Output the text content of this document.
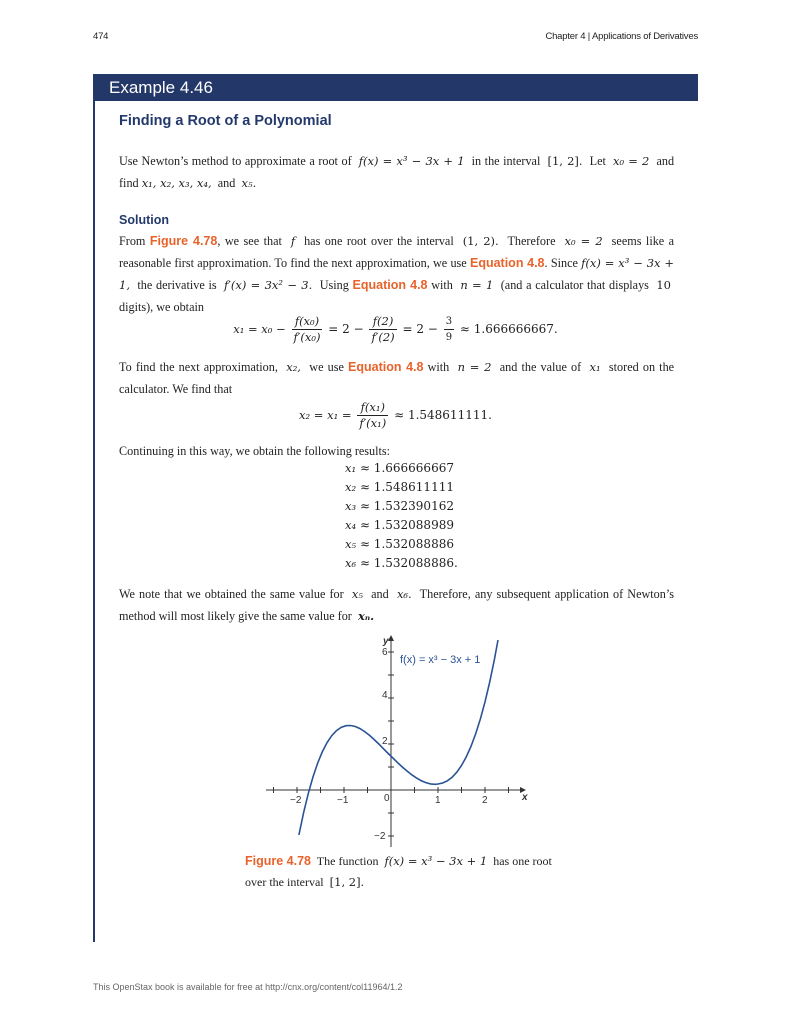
474	Chapter 4 | Applications of Derivatives
Example 4.46
Finding a Root of a Polynomial
Use Newton’s method to approximate a root of f(x) = x³ − 3x + 1 in the interval [1, 2]. Let x₀ = 2 and find x₁, x₂, x₃, x₄, and x₅.
Solution
From Figure 4.78, we see that f has one root over the interval (1, 2). Therefore x₀ = 2 seems like a reasonable first approximation. To find the next approximation, we use Equation 4.8. Since f(x) = x³ − 3x + 1, the derivative is f′(x) = 3x² − 3. Using Equation 4.8 with n = 1 (and a calculator that displays 10  digits), we obtain
$x_1 = x_0 - \frac{\text{f(x₀)}}{\text{f′(x₀)}} = 2 - \frac{f(2)}{f'(2)} = 2 - \frac{3}{9} \approx 1.666666667$.
To find the next approximation, x₂, we use Equation 4.8 with n = 2 and the value of x₁ stored on the calculator. We find that
$x_2 = x_1 = \frac{\text{f(x₁)}}{\text{f′(x₁)}} \approx 1.548611111$.
Continuing in this way, we obtain the following results:
x₁ ≈ 1.666666667
x₂ ≈ 1.548611111
x₃ ≈ 1.532390162
x₄ ≈ 1.532088989
x₅ ≈ 1.532088886
x₆ ≈ 1.532088886.
We note that we obtained the same value for x₅ and x₆. Therefore, any subsequent application of Newton’s method will most likely give the same value for xₙ.
x
y
−2	−1	0	1	2
6
4
2
−2
f(x) = x³ − 3x + 1
Figure 4.78 The function f(x) = x³ − 3x + 1 has one root over the interval [1, 2].
This OpenStax book is available for free at http://cnx.org/content/col11964/1.2
